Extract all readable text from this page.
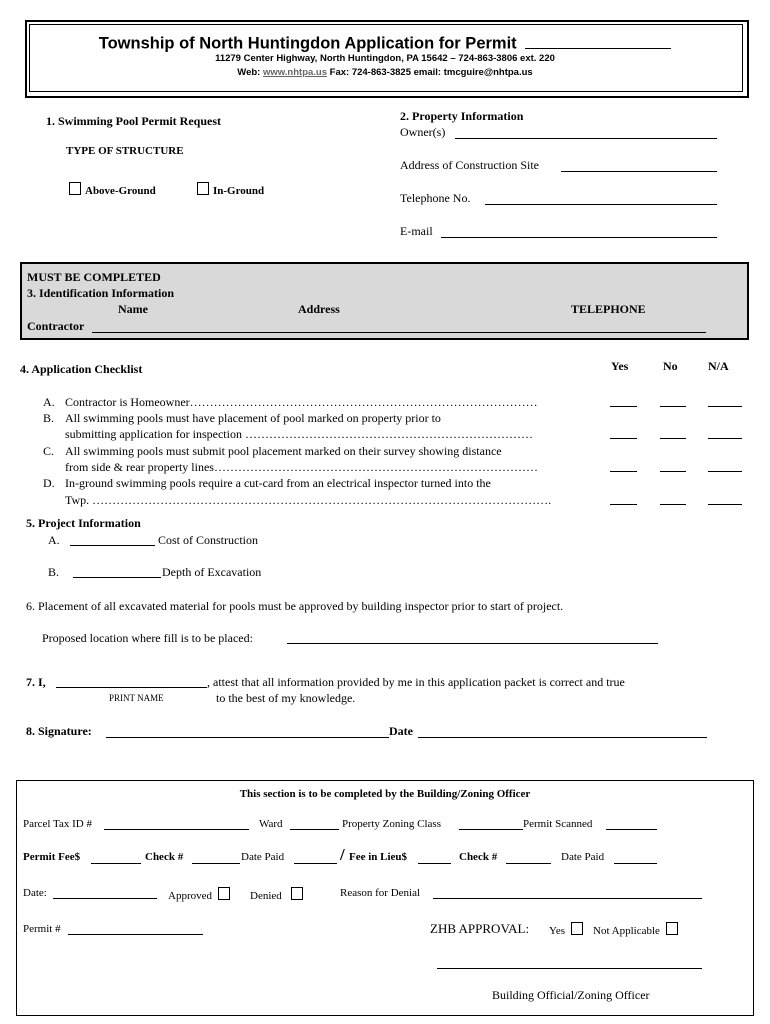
Township of North Huntingdon Application for Permit
11279 Center Highway, North Huntingdon, PA 15642 – 724-863-3806 ext. 220
Web: www.nhtpa.us Fax: 724-863-3825 email: tmcguire@nhtpa.us
1. Swimming Pool Permit Request
TYPE OF STRUCTURE
Above-Ground	In-Ground
2. Property Information
Owner(s)
Address of Construction Site
Telephone No.
E-mail
MUST BE COMPLETED
3. Identification Information
Name	Address	TELEPHONE
Contractor
4. Application Checklist	Yes	No	N/A
A. Contractor is Homeowner……………………………………………………………………………
B. All swimming pools must have placement of pool marked on property prior to
submitting application for inspection ………………………………………………………………
C. All swimming pools must submit pool placement marked on their survey showing distance
from side & rear property lines………………………………………………………………………
D. In-ground swimming pools require a cut-card from an electrical inspector turned into the
Twp. …………………………………………………………………………………………………….
5. Project Information
A.	Cost of Construction
B.	Depth of Excavation
6. Placement of all excavated material for pools must be approved by building inspector prior to start of project.
Proposed location where fill is to be placed:
7. I,	, attest that all information provided by me in this application packet is correct and true
to the best of my knowledge.
PRINT NAME
8. Signature:	Date
This section is to be completed by the Building/Zoning Officer
Parcel Tax ID #	Ward	Property Zoning Class	Permit Scanned
Permit Fee$	Check #	Date Paid	/ Fee in Lieu$	Check #	Date Paid
Date:	Approved	Denied	Reason for Denial
Permit #	ZHB APPROVAL: Yes	Not Applicable
Building Official/Zoning Officer
